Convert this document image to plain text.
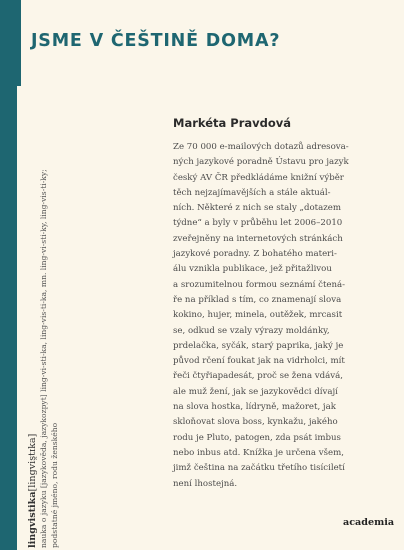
JSME V ČEŠTINĚ DOMA?
Markéta Pravdová
Ze 70 000 e-mailových dotazů adresova-
ných jazykové poradně Ústavu pro jazyk
český AV ČR předkládáme knižní výběr
těch nejzajímavějších a stále aktuál-
ních. Některé z nich se staly „dotazem
týdne“ a byly v průběhu let 2006–2010
zveřejněny na internetových stránkách
jazykové poradny. Z bohatého materi-
álu vznikla publikace, jež přitažlivou
a srozumitelnou formou seznámí čtená-
ře na příklad s tím, co znamenají slova
kokino, hujer, minela, outěžek, mrcasit
se, odkud se vzaly výrazy moldánky,
prdelačka, syčák, starý paprika, jaký je
původ rčení foukat jak na vidrholci, mít
řeči čtyřiapadesát, proč se žena vdává,
ale muž žení, jak se jazykovědci dívají
na slova hostka, lídryně, mažoret, jak
skloňovat slova boss, kynkažu, jakého
rodu je Pluto, patogen, zda psát imbus
nebo inbus atd. Knížka je určena všem,
jimž čeština na začátku třetího tisíciletí
není lhostejná.
lingvistika[lingvis̯tɪka] nauka o jazyku [jazykověda, jazykozpyt] ling-vi-sti-ka, ling-vis-ti-ka, mn. ling-vi-sti-ky, ling-vis-ti-ky; podstatné jméno, rodu ženského	academia
